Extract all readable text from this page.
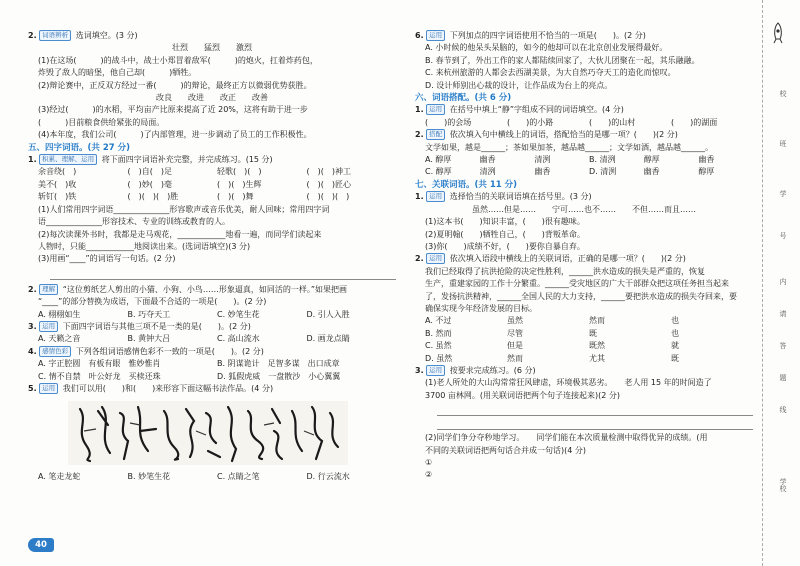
2. 词语辨析 选词填空。(3 分)
壮烈　　猛烈　　激烈
(1)在这场(　　　)的战斗中，战士小郑冒着敌军(　　　)的炮火，扛着炸药包，
炸毁了敌人的暗堡，他自己却(　　　)牺牲。
(2)辩论赛中，正反双方经过一番(　　　)的辩论，最终正方以微弱优势获胜。
改良　　改进　　改正　　改善
(3)经过(　　　)的水稻，平均亩产比原来提高了近 20%，这将有助于进一步
(　　　)目前粮食供给紧张的局面。
(4)本年度，我们公司(　　　)了内部管理，进一步调动了员工的工作积极性。
五、四字词语。(共 27 分)
1. 积累、理解、运用 将下面四字词语补充完整，并完成练习。(15 分)
余音绕(　)	(　)自(　)足	轻歌(　)(　)	(　)(　)神工
美不(　)收	(　)妙(　)毫	(　)(　)生辉	(　)(　)匠心
斩钉(　)铁	(　)(　)(　)胜	(　)(　)舞	(　)(　)(　)
(1)人们常用四字词语______________形容歌声或音乐优美，耐人回味；常用四字词
语______________形容技术、专业的训练或教育的人。
(2)每次读课外书时，我都是走马观花，____________地看一遍，而同学们读起来
人物时，只能____________地阅读出来。(选词语填空)(3 分)
(3)用画“____”的词语写一句话。(2 分)
2. 理解 “这位剪纸艺人剪出的小猫、小狗、小鸟……形象逼真，如同活的一样。”如果把画
“____”的部分替换为成语，下面最不合适的一项是(　　)。(2 分)
A. 栩栩如生	B. 巧夺天工	C. 妙笔生花	D. 引人入胜
3. 运用 下面四字词语与其他三项不是一类的是(　　)。(2 分)
A. 天籁之音	B. 黄钟大吕	C. 高山流水	D. 画龙点睛
4. 感情色彩 下列各组词语感情色彩不一致的一项是(　　)。(2 分)
A. 字正腔圆　有板有眼　惟妙惟肖	B. 阴谋诡计　足智多谋　出口成章
C. 情不自禁　叶公好龙　买椟还珠	D. 狐假虎威　一盘散沙　小心翼翼
5. 运用 我们可以用(　　)和(　　)来形容下面这幅书法作品。(4 分)
A. 笔走龙蛇	B. 妙笔生花	C. 点睛之笔	D. 行云流水
40
6. 运用 下列加点的四字词语使用不恰当的一项是(　　)。(2 分)
A. 小时候的他呆头呆脑的，如今的他却可以在北京创业发展得最好。
B. 春节到了，外出工作的家人都陆续回家了，大伙儿团聚在一起，其乐融融。
C. 来杭州旅游的人都会去西湖美景，为大自然巧夺天工的造化而惊叹。
D. 设计师别出心裁的设计，让作品成为台上的亮点。
六、词语搭配。(共 6 分)
1. 运用 在括号中填上“静”字组成不同的词语填空。(4 分)
(　　)的会场	(　　)的小路	(　　)的山村	(　　)的湖面
2. 搭配 依次填入句中横线上的词语，搭配恰当的是哪一项？(　　)(2 分)
文学如果，越是______；茶如果加茶，越品越______；文学如酒，越品越______。
A. 醇厚	幽香	清洌	B. 清洌	醇厚	幽香
C. 醇厚	清洌	幽香	D. 清洌	幽香	醇厚
七、关联词语。(共 11 分)
1. 运用 选择恰当的关联词语填在括号里。(3 分)
虽然……但是……　　宁可……也不……　　不但……而且……
(1)这本书(　　)知识丰富，(　　)很有趣味。
(2)夏明翰(　　)牺牲自己，(　　)背叛革命。
(3)你(　　)成绩不好，(　　)要你自暴自弃。
2. 运用 依次填入语段中横线上的关联词语，正确的是哪一项？(　　)(2 分)
我们已经取得了抗洪抢险的决定性胜利，______洪水造成的损失是严重的，恢复
生产，重建家园的工作十分繁重。______受灾地区的广大干部群众把这项任务担当起来
了，发扬抗洪精神，______全国人民的大力支持，______要把洪水造成的损失夺回来，要
确保实现今年经济发展的目标。
A. 不过	虽然	然而	也
B. 然而	尽管	既	也
C. 虽然	但是	既然	就
D. 虽然	然而	尤其	既
3. 运用 按要求完成练习。(6 分)
(1)老人所处的大山沟常常狂风肆虐，环境极其恶劣。　　老人用 15 年的时间造了
3700 亩林网。(用关联词语把两个句子连接起来)(2 分)
(2)同学们争分夺秒地学习。　　同学们能在本次质量检测中取得优异的成绩。(用
不同的关联词语把两句话合并成一句话)(4 分)
①
②
校
班
学
号
内
请
答
题
线
学校
